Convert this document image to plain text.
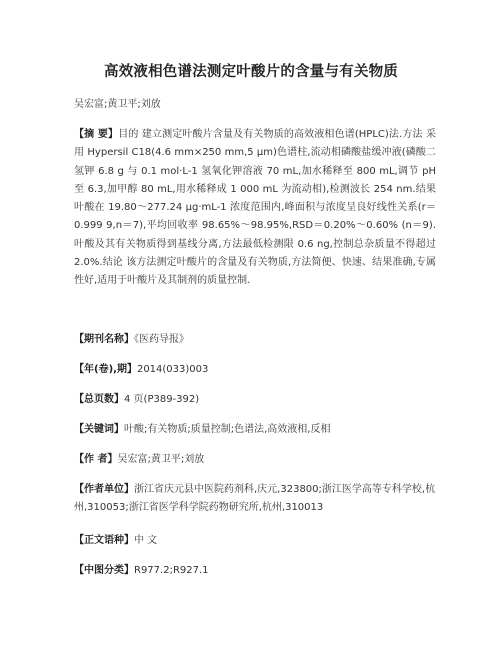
高效液相色谱法测定叶酸片的含量与有关物质
吴宏富;黄卫平;刘放

【摘 要】目的 建立测定叶酸片含量及有关物质的高效液相色谱(HPLC)法.方法 采用 Hypersil C18(4.6 mm×250 mm,5 μm)色谱柱,流动相磷酸盐缓冲液(磷酸二氢钾 6.8 g 与 0.1 mol·L-1 氢氧化钾溶液 70 mL,加水稀释至 800 mL,调节 pH 至 6.3,加甲醇 80 mL,用水稀释成 1 000 mL 为流动相),检测波长 254 nm.结果 叶酸在 19.80～277.24 μg·mL-1 浓度范围内,峰面积与浓度呈良好线性关系(r＝0.999 9,n＝7),平均回收率 98.65%～98.95%,RSD＝0.20%～0.60% (n＝9).叶酸及其有关物质得到基线分离,方法最低检测限 0.6 ng,控制总杂质量不得超过 2.0%.结论 该方法测定叶酸片的含量及有关物质,方法简便、快速、结果准确,专属性好,适用于叶酸片及其制剂的质量控制.

【期刊名称】《医药导报》

【年(卷),期】2014(033)003

【总页数】4 页(P389-392)

【关键词】叶酸;有关物质;质量控制;色谱法,高效液相,反相

【作 者】吴宏富;黄卫平;刘放

【作者单位】浙江省庆元县中医院药剂科,庆元,323800;浙江医学高等专科学校,杭州,310053;浙江省医学科学院药物研究所,杭州,310013

【正文语种】中 文

【中图分类】R977.2;R927.1
